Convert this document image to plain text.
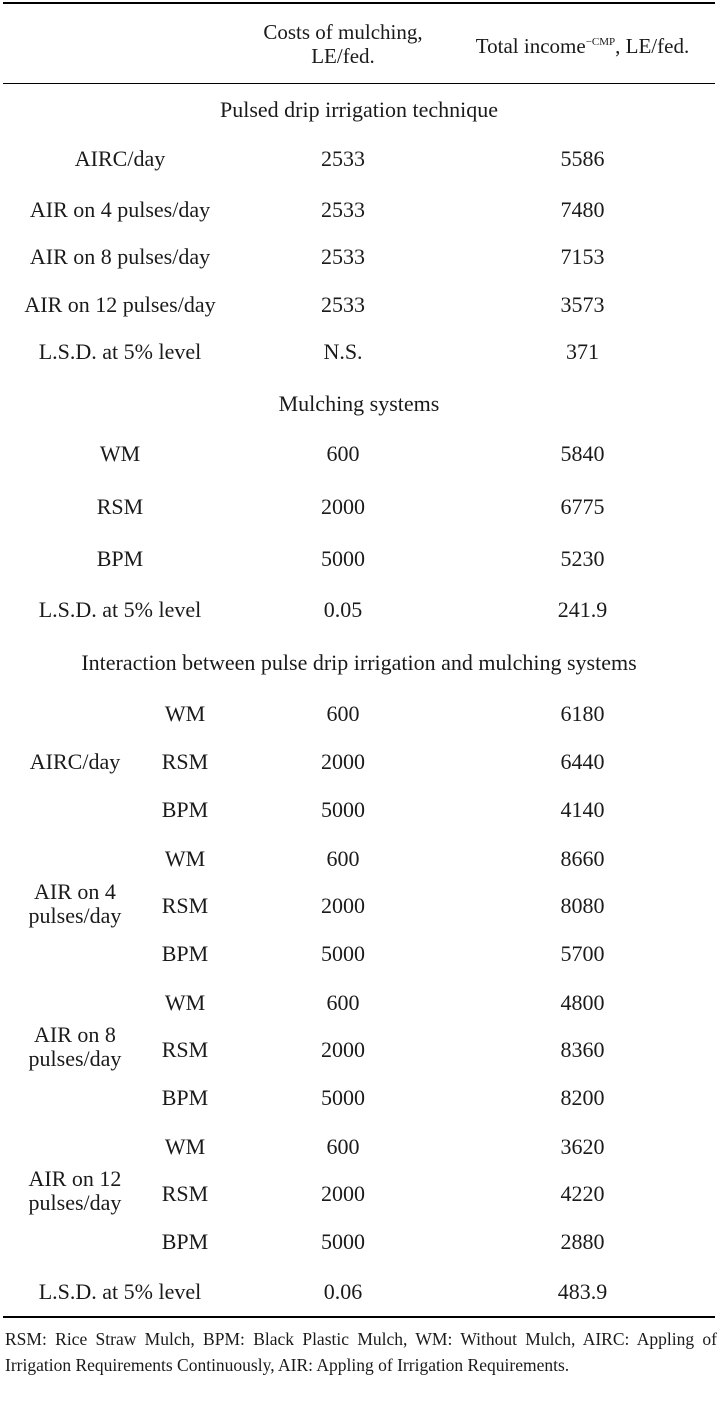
Costs of mulching, LE/fed.	Total income$^{-CMP}$, LE/fed.
Pulsed drip irrigation technique
AIRC/day	2533	5586
AIR on 4 pulses/day	2533	7480
AIR on 8 pulses/day	2533	7153
AIR on 12 pulses/day	2533	3573
L.S.D. at 5% level	N.S.	371
Mulching systems
WM	600	5840
RSM	2000	6775
BPM	5000	5230
L.S.D. at 5% level	0.05	241.9
Interaction between pulse drip irrigation and mulching systems
AIRC/day
WM	600	6180
RSM	2000	6440
BPM	5000	4140
AIR on 4 pulses/day
WM	600	8660
RSM	2000	8080
BPM	5000	5700
AIR on 8 pulses/day
WM	600	4800
RSM	2000	8360
BPM	5000	8200
AIR on 12 pulses/day
WM	600	3620
RSM	2000	4220
BPM	5000	2880
L.S.D. at 5% level	0.06	483.9
RSM: Rice Straw Mulch, BPM: Black Plastic Mulch, WM: Without Mulch, AIRC: Appling of Irrigation Requirements Continuously, AIR: Appling of Irrigation Requirements.
